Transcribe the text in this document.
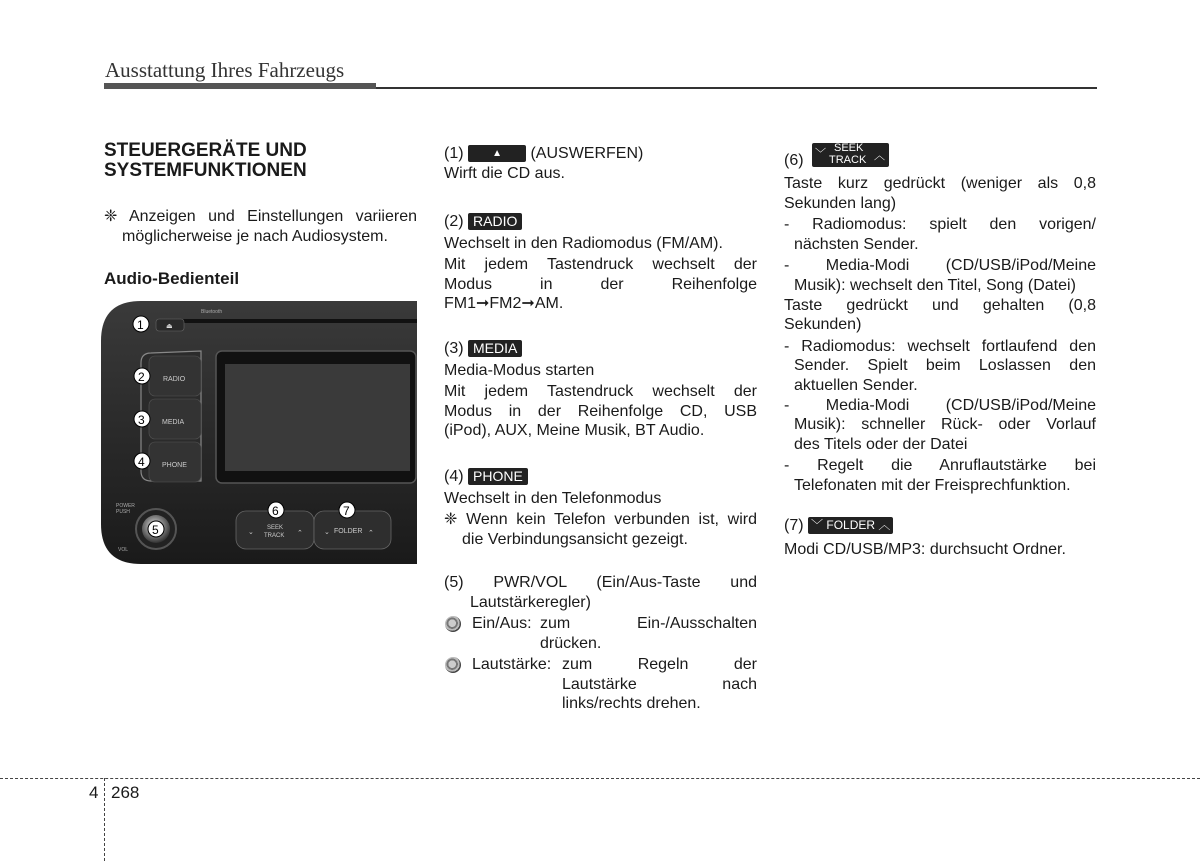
Ausstattung Ihres Fahrzeugs
STEUERGERÄTE UND
SYSTEMFUNKTIONEN
❈ Anzeigen und Einstellungen variieren
möglicherweise je nach Audiosystem.
Audio-Bedienteil
Bluetooth
⏏
RADIO
MEDIA
PHONE
POWER
PUSH
VOL
SEEK
TRACK
⌄	⌃	⌄ FOLDER ⌃
1
2
3
4
5
6	7
(1)	▲ (AUSWERFEN)
Wirft die CD aus.
(2) RADIO
Wechselt in den Radiomodus (FM/AM).
Mit jedem Tastendruck wechselt der
Modus in der Reihenfolge
FM1➞FM2➞AM.
(3) MEDIA
Media-Modus starten
Mit jedem Tastendruck wechselt der
Modus in der Reihenfolge CD, USB
(iPod), AUX, Meine Musik, BT Audio.
(4) PHONE
Wechselt in den Telefonmodus
❈ Wenn kein Telefon verbunden ist, wird
die Verbindungsansicht gezeigt.
(5) PWR/VOL (Ein/Aus-Taste und
Lautstärkeregler)
Ein/Aus: zum Ein-/Ausschalten
drücken.
Lautstärke: zum Regeln der
Lautstärke nach
links/rechts drehen.
(6) ﹀ SEEK
TRACK ︿
Taste kurz gedrückt (weniger als 0,8
Sekunden lang)
- Radiomodus: spielt den vorigen/
nächsten Sender.
- Media-Modi (CD/USB/iPod/Meine
Musik): wechselt den Titel, Song (Datei)
Taste gedrückt und gehalten (0,8
Sekunden)
- Radiomodus: wechselt fortlaufend den
Sender. Spielt beim Loslassen den
aktuellen Sender.
- Media-Modi (CD/USB/iPod/Meine
Musik): schneller Rück- oder Vorlauf
des Titels oder der Datei
- Regelt die Anruflautstärke bei
Telefonaten mit der Freisprechfunktion.
(7) ﹀ FOLDER ︿
Modi CD/USB/MP3: durchsucht Ordner.
4 268
